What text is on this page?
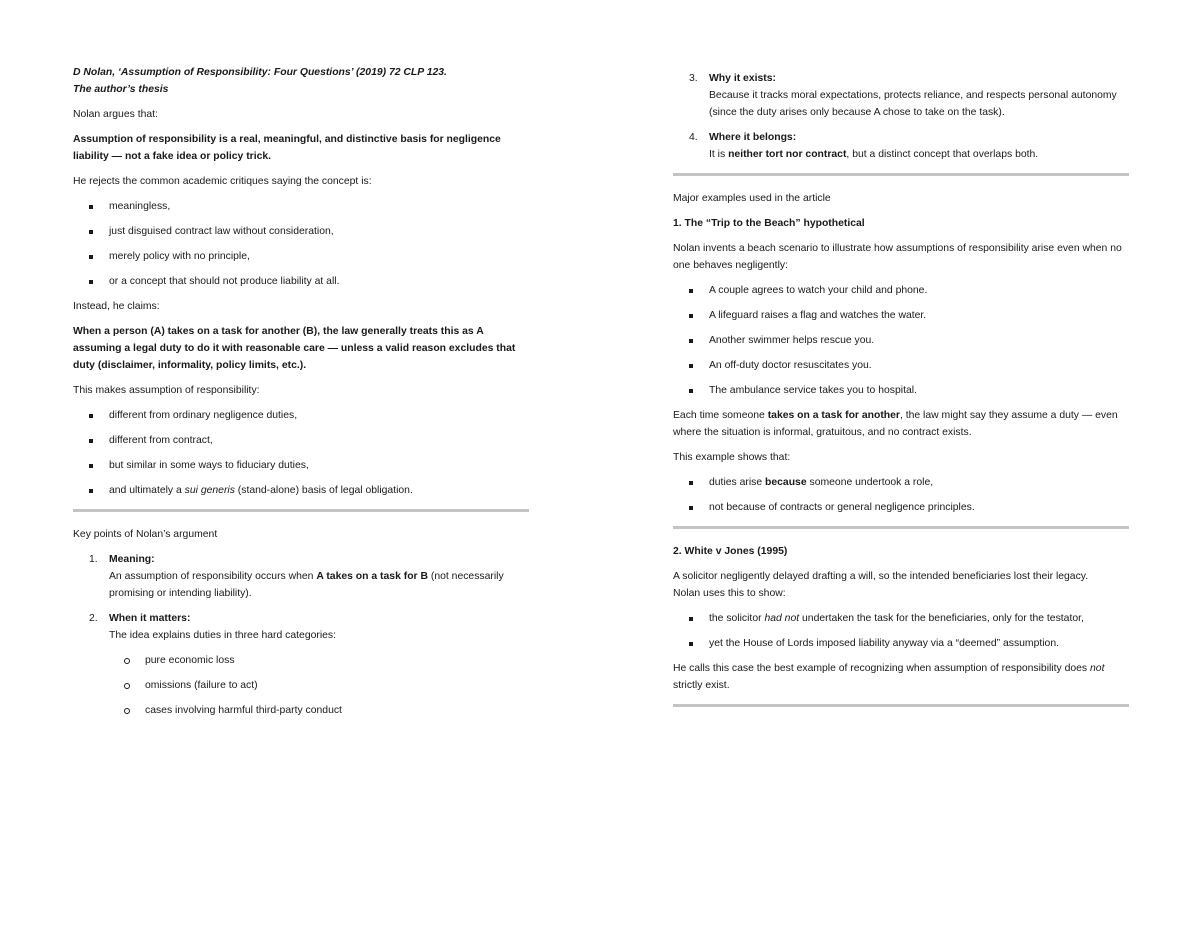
D Nolan, ‘Assumption of Responsibility: Four Questions’ (2019) 72 CLP 123.

The author’s thesis

Nolan argues that:

Assumption of responsibility is a real, meaningful, and distinctive basis for negligence liability — not a fake idea or policy trick.

He rejects the common academic critiques saying the concept is:

meaningless,
just disguised contract law without consideration,
merely policy with no principle,
or a concept that should not produce liability at all.

Instead, he claims:

When a person (A) takes on a task for another (B), the law generally treats this as A assuming a legal duty to do it with reasonable care — unless a valid reason excludes that duty (disclaimer, informality, policy limits, etc.).

This makes assumption of responsibility:

different from ordinary negligence duties,
different from contract,
but similar in some ways to fiduciary duties,
and ultimately a sui generis (stand-alone) basis of legal obligation.

Key points of Nolan’s argument

1. Meaning:

An assumption of responsibility occurs when A takes on a task for B (not necessarily promising or intending liability).

2. When it matters:

The idea explains duties in three hard categories:

pure economic loss
omissions (failure to act)
cases involving harmful third-party conduct
3. Why it exists:

Because it tracks moral expectations, protects reliance, and respects personal autonomy (since the duty arises only because A chose to take on the task).

4. Where it belongs:

It is neither tort nor contract, but a distinct concept that overlaps both.

Major examples used in the article

1. The “Trip to the Beach” hypothetical

Nolan invents a beach scenario to illustrate how assumptions of responsibility arise even when no one behaves negligently:

A couple agrees to watch your child and phone.
A lifeguard raises a flag and watches the water.
Another swimmer helps rescue you.
An off-duty doctor resuscitates you.
The ambulance service takes you to hospital.

Each time someone takes on a task for another, the law might say they assume a duty — even where the situation is informal, gratuitous, and no contract exists.

This example shows that:

duties arise because someone undertook a role,
not because of contracts or general negligence principles.

2. White v Jones (1995)

A solicitor negligently delayed drafting a will, so the intended beneficiaries lost their legacy.

Nolan uses this to show:

the solicitor had not undertaken the task for the beneficiaries, only for the testator,
yet the House of Lords imposed liability anyway via a “deemed” assumption.

He calls this case the best example of recognizing when assumption of responsibility does not strictly exist.
